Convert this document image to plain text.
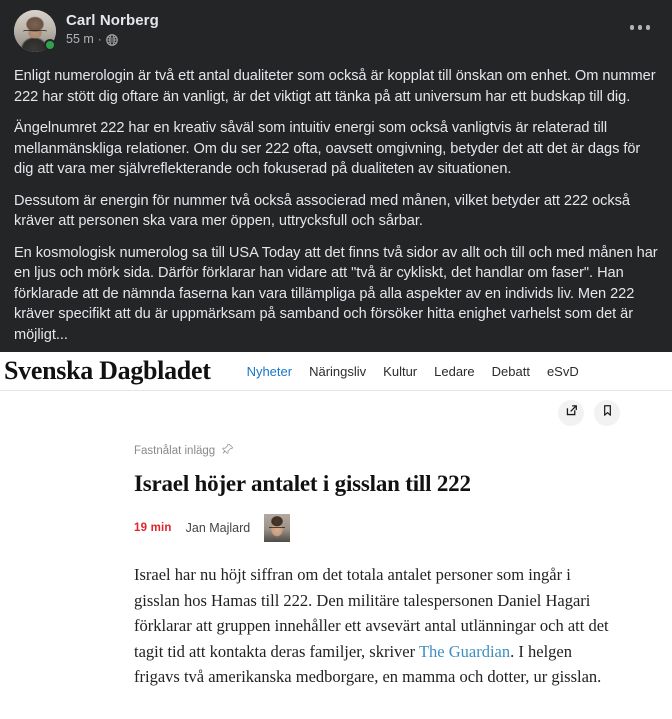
Carl Norberg
55 m ·

Enligt numerologin är två ett antal dualiteter som också är kopplat till önskan om enhet. Om nummer 222 har stött dig oftare än vanligt, är det viktigt att tänka på att universum har ett budskap till dig.

Ängelnumret 222 har en kreativ såväl som intuitiv energi som också vanligtvis är relaterad till mellanmänskliga relationer. Om du ser 222 ofta, oavsett omgivning, betyder det att det är dags för dig att vara mer självreflekterande och fokuserad på dualiteten av situationen.

Dessutom är energin för nummer två också associerad med månen, vilket betyder att 222 också kräver att personen ska vara mer öppen, uttrycksfull och sårbar.

En kosmologisk numerolog sa till USA Today att det finns två sidor av allt och till och med månen har en ljus och mörk sida. Därför förklarar han vidare att "två är cykliskt, det handlar om faser". Han förklarade att de nämnda faserna kan vara tillämpliga på alla aspekter av en individs liv. Men 222 kräver specifikt att du är uppmärksam på samband och försöker hitta enighet varhelst som det är möjligt...

Svenska Dagbladet	Nyheter Näringsliv Kultur Ledare Debatt eSvD
Fastnålat inlägg
Israel höjer antalet i gisslan till 222
19 min Jan Majlard

Israel har nu höjt siffran om det totala antalet personer som ingår i gisslan hos Hamas till 222. Den militäre talespersonen Daniel Hagari förklarar att gruppen innehåller ett avsevärt antal utlänningar och att det tagit tid att kontakta deras familjer, skriver The Guardian. I helgen frigavs två amerikanska medborgare, en mamma och dotter, ur gisslan.
